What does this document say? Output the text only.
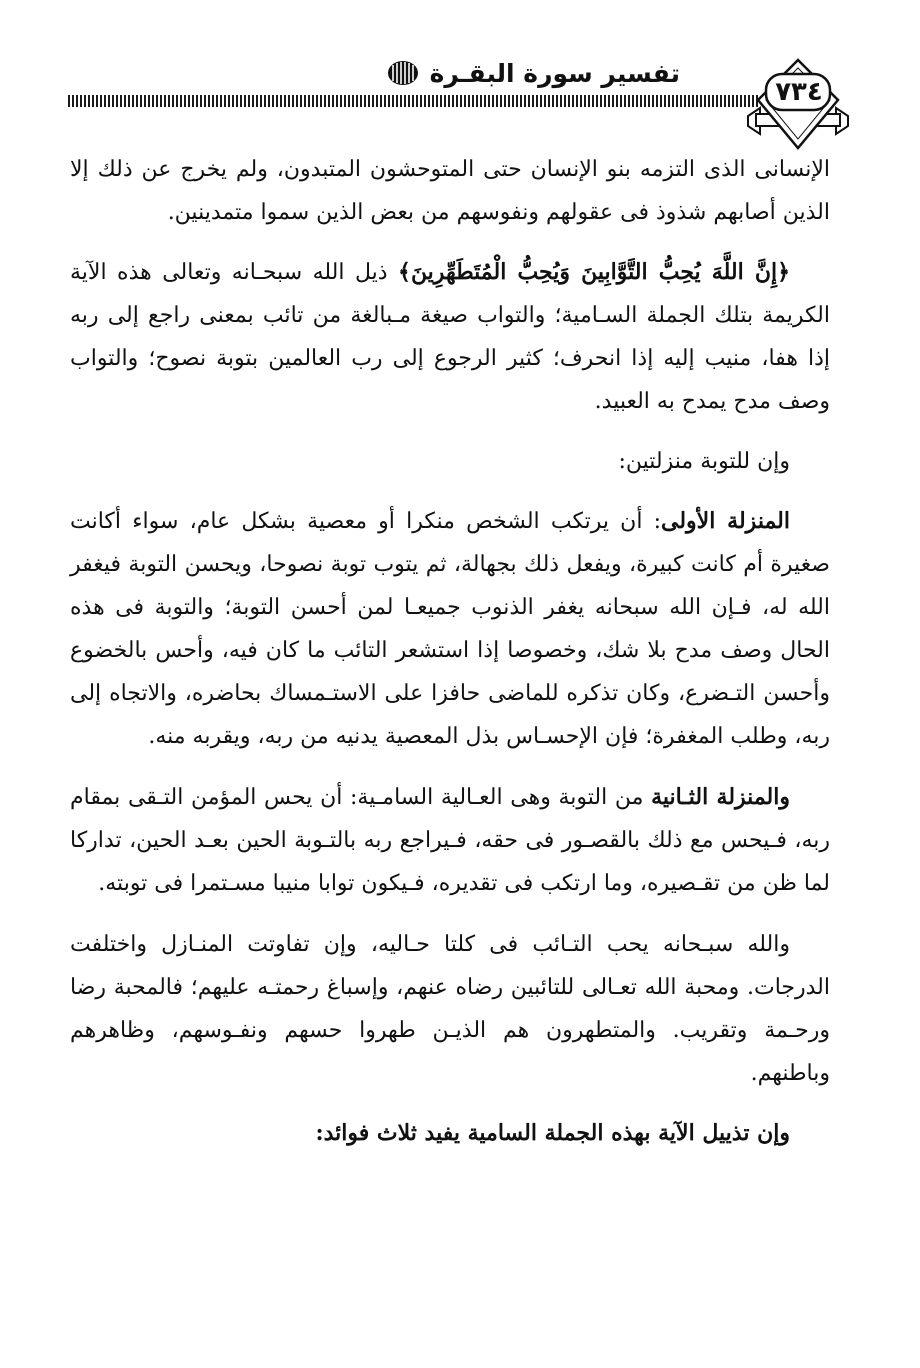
تفسير سورة البقـرة
٧٣٤

الإنسانى الذى التزمه بنو الإنسان حتى المتوحشون المتبدون، ولم يخرج عن ذلك إلا الذين أصابهم شذوذ فى عقولهم ونفوسهم من بعض الذين سموا متمدينين.

﴿إِنَّ اللَّهَ يُحِبُّ التَّوَّابِينَ وَيُحِبُّ الْمُتَطَهِّرِينَ﴾ ذيل الله سبحـانه وتعالى هذه الآية الكريمة بتلك الجملة السـامية؛ والتواب صيغة مـبالغة من تائب بمعنى راجع إلى ربه إذا هفا، منيب إليه إذا انحرف؛ كثير الرجوع إلى رب العالمين بتوبة نصوح؛ والتواب وصف مدح يمدح به العبيد.

وإن للتوبة منزلتين:

المنزلة الأولى: أن يرتكب الشخص منكرا أو معصية بشكل عام، سواء أكانت صغيرة أم كانت كبيرة، ويفعل ذلك بجهالة، ثم يتوب توبة نصوحا، ويحسن التوبة فيغفر الله له، فـإن الله سبحانه يغفر الذنوب جميعـا لمن أحسن التوبة؛ والتوبة فى هذه الحال وصف مدح بلا شك، وخصوصا إذا استشعر التائب ما كان فيه، وأحس بالخضوع وأحسن التـضرع، وكان تذكره للماضى حافزا على الاستـمساك بحاضره، والاتجاه إلى ربه، وطلب المغفرة؛ فإن الإحسـاس بذل المعصية يدنيه من ربه، ويقربه منه.

والمنزلة الثـانية من التوبة وهى العـالية السامـية: أن يحس المؤمن التـقى بمقام ربه، فـيحس مع ذلك بالقصـور فى حقه، فـيراجع ربه بالتـوبة الحين بعـد الحين، تداركا لما ظن من تقـصيره، وما ارتكب فى تقديره، فـيكون توابا منيبا مسـتمرا فى توبته.

والله سبـحانه يحب التـائب فى كلتا حـاليه، وإن تفاوتت المنـازل واختلفت الدرجات. ومحبة الله تعـالى للتائبين رضاه عنهم، وإسباغ رحمتـه عليهم؛ فالمحبة رضا ورحـمة وتقريب. والمتطهرون هم الذيـن طهروا حسهم ونفـوسهم، وظاهرهم وباطنهم.

وإن تذييل الآية بهذه الجملة السامية يفيد ثلاث فوائد:
